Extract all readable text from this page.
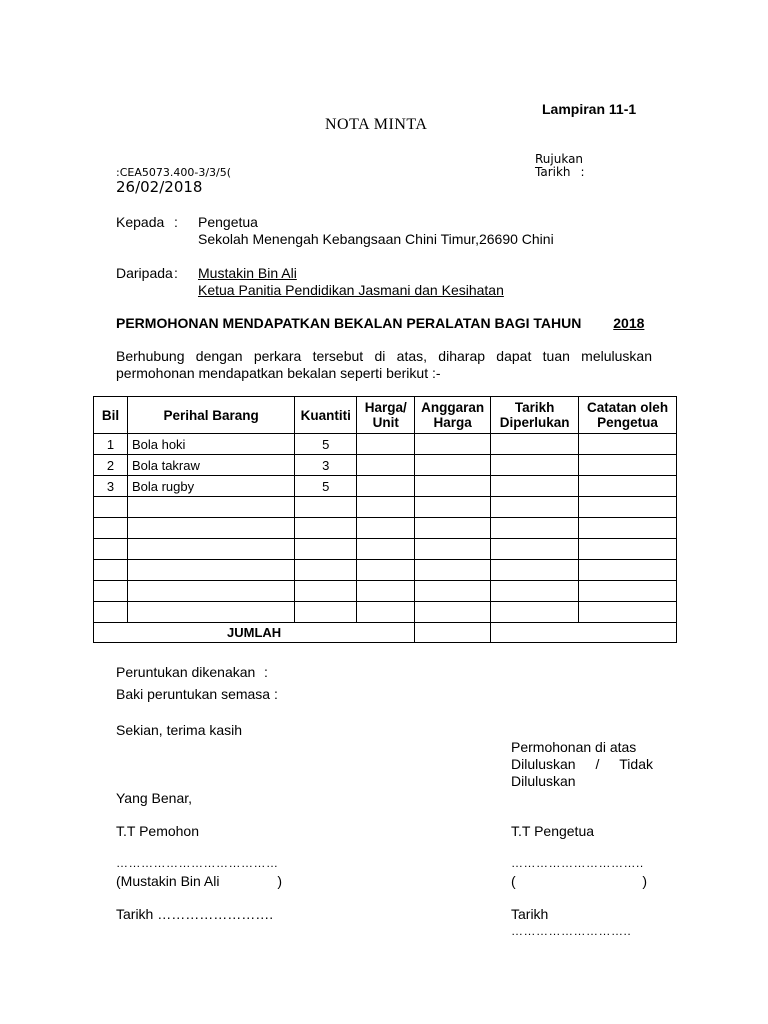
Lampiran 11-1
NOTA MINTA
Rujukan
Tarikh :
:CEA5073.400-3/3/5(
26/02/2018
Kepada : Pengetua
Sekolah Menengah Kebangsaan Chini Timur,26690 Chini
Daripada : Mustakin Bin Ali
Ketua Panitia Pendidikan Jasmani dan Kesihatan
PERMOHONAN MENDAPATKAN BEKALAN PERALATAN BAGI TAHUN 2018
Berhubung dengan perkara tersebut di atas, diharap dapat tuan meluluskan permohonan mendapatkan bekalan seperti berikut :-
Bil	Perihal Barang	Kuantiti	Harga/ Unit	Anggaran Harga	Tarikh Diperlukan	Catatan oleh Pengetua
1	Bola hoki	5				
2	Bola takraw	3				
3	Bola rugby	5				

JUMLAH						
Peruntukan dikenakan :
Baki peruntukan semasa :
Sekian, terima kasih
Permohonan di atas
Diluluskan / Tidak
Diluluskan
Yang Benar,
T.T Pemohon	T.T Pengetua
…………………………………	…………………………..
(Mustakin Bin Ali	)	(	)
Tarikh …………………….	Tarikh
………………………..
